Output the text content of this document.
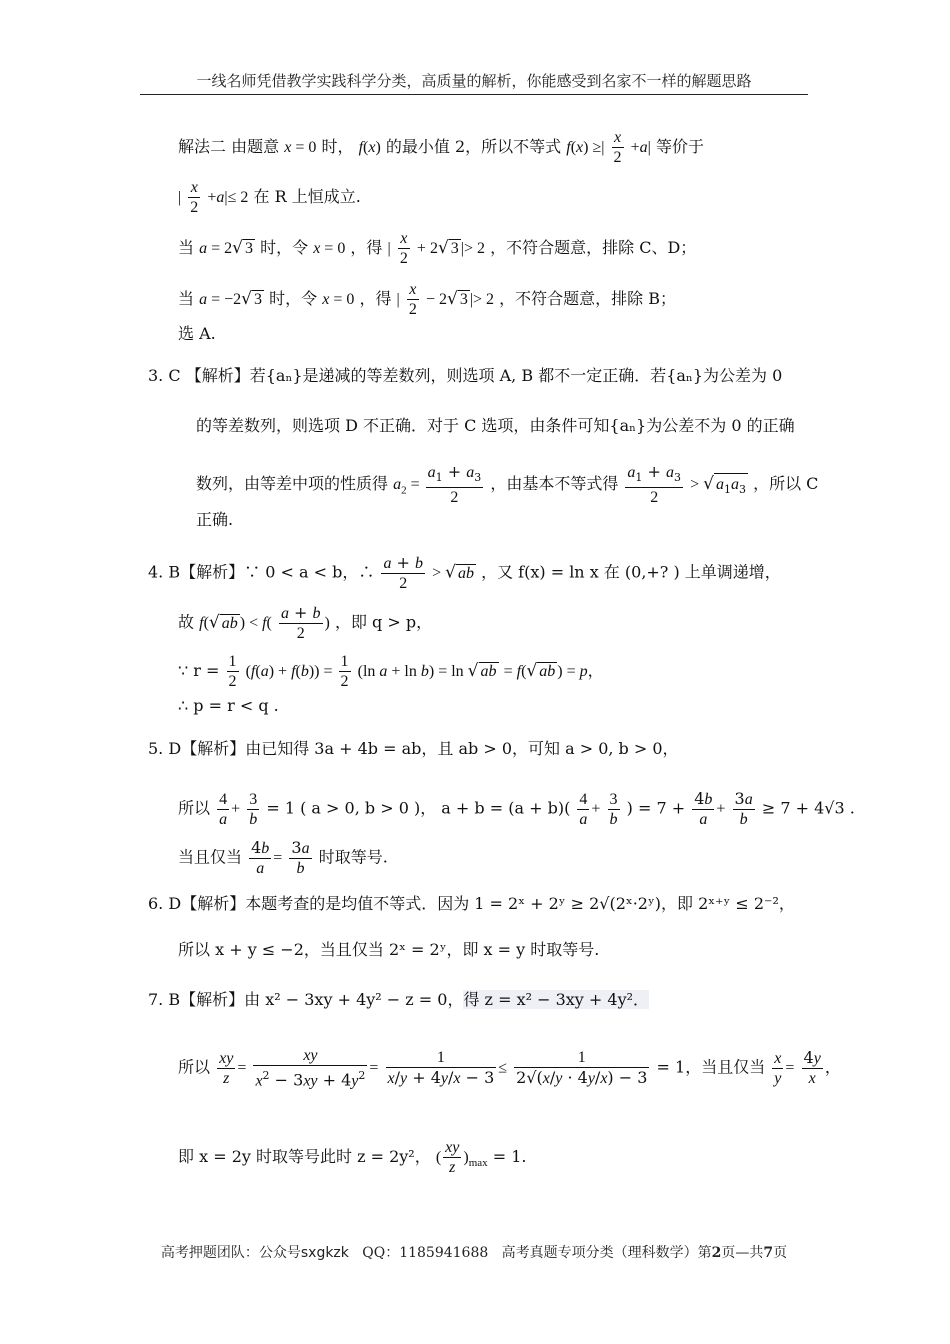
一线名师凭借教学实践科学分类，高质量的解析，你能感受到名家不一样的解题思路
解法二 由题意 x = 0 时， f(x) 的最小值 2，所以不等式 f(x) ≥| $\frac{x}{2} +a|$ 等价于
| $\frac{x}{2} +a|\le 2$ 在 R 上恒成立.
当 a = 2√ 3 时，令 x = 0 ，得 | $\frac{x}{2} + 2√$ 3 |> 2 ，不符合题意，排除 C、D；
当 a = −2√ 3 时，令 x = 0 ，得 | $\frac{x}{2} - 2√$ 3 |> 2 ，不符合题意，排除 B；
选 A.
3. C 【解析】若{aₙ}是递减的等差数列，则选项 A, B 都不一定正确．若{aₙ}为公差为 0
的等差数列，则选项 D 不正确．对于 C 选项，由条件可知{aₙ}为公差不为 0 的正确
数列，由等差中项的性质得 $a_2 = \frac{a_1 + a_3}{2}$ ，由基本不等式得 $\frac{a_1 + a_3}{2}$ > √ $a_1a_3$ ，所以 C
正确.
4. B【解析】∵ 0 < a < b，∴ $\frac{a + b}{2}$ > √ ab ，又 f(x) = ln x 在 (0,+? ) 上单调递增，
故 f(√ ab ) < $f( \frac{a + b}{2}$ ) ，即 q > p，
∵ $r = \frac{1}{2} (f(a) + f(b)) = \frac{1}{2} (\ln$ a + ln b) = ln √ ab = f(√ ab ) = p，
∴ p = r < q .
5. D【解析】由已知得 3a + 4b = ab，且 ab > 0，可知 a > 0, b > 0，
所以 $\frac{4}{a} + \frac{3}{b} = 1$ ( a > 0, b > 0 )， $a + b = (a + b)( \frac{4}{a} + \frac{3}{b}$ ) = $7 + \frac{4b}{a} + \frac{3a}{b} \ge 7 + 4√3$ .
当且仅当 $\frac{4b}{a} = \frac{3a}{b}$ 时取等号.
6. D【解析】本题考查的是均值不等式．因为 1 = 2ˣ + 2ʸ ≥ 2√(2ˣ·2ʸ)，即 2ˣ⁺ʸ ≤ 2⁻²，
所以 x + y ≤ −2，当且仅当 2ˣ = 2ʸ，即 x = y 时取等号.
7. B【解析】由 x² − 3xy + 4y² − z = 0，得 z = x² − 3xy + 4y²．
所以 $\frac{xy}{z} = \frac{xy}{x^2 - 3xy + 4y^2} = \frac{1}{x/y + 4y/x - 3} \le \frac{1}{2√(x/y \cdot 4y/x) - 3} = 1$，当且仅当 $\frac{x}{y} = \frac{4y}{x}$ ，
即 x = 2y 时取等号此时 z = 2y²， ( $\frac{xy}{z} )_{max} = 1$.
高考押题团队：公众号sxgkzk QQ：1185941688 高考真题专项分类（理科数学）第2页—共7页
